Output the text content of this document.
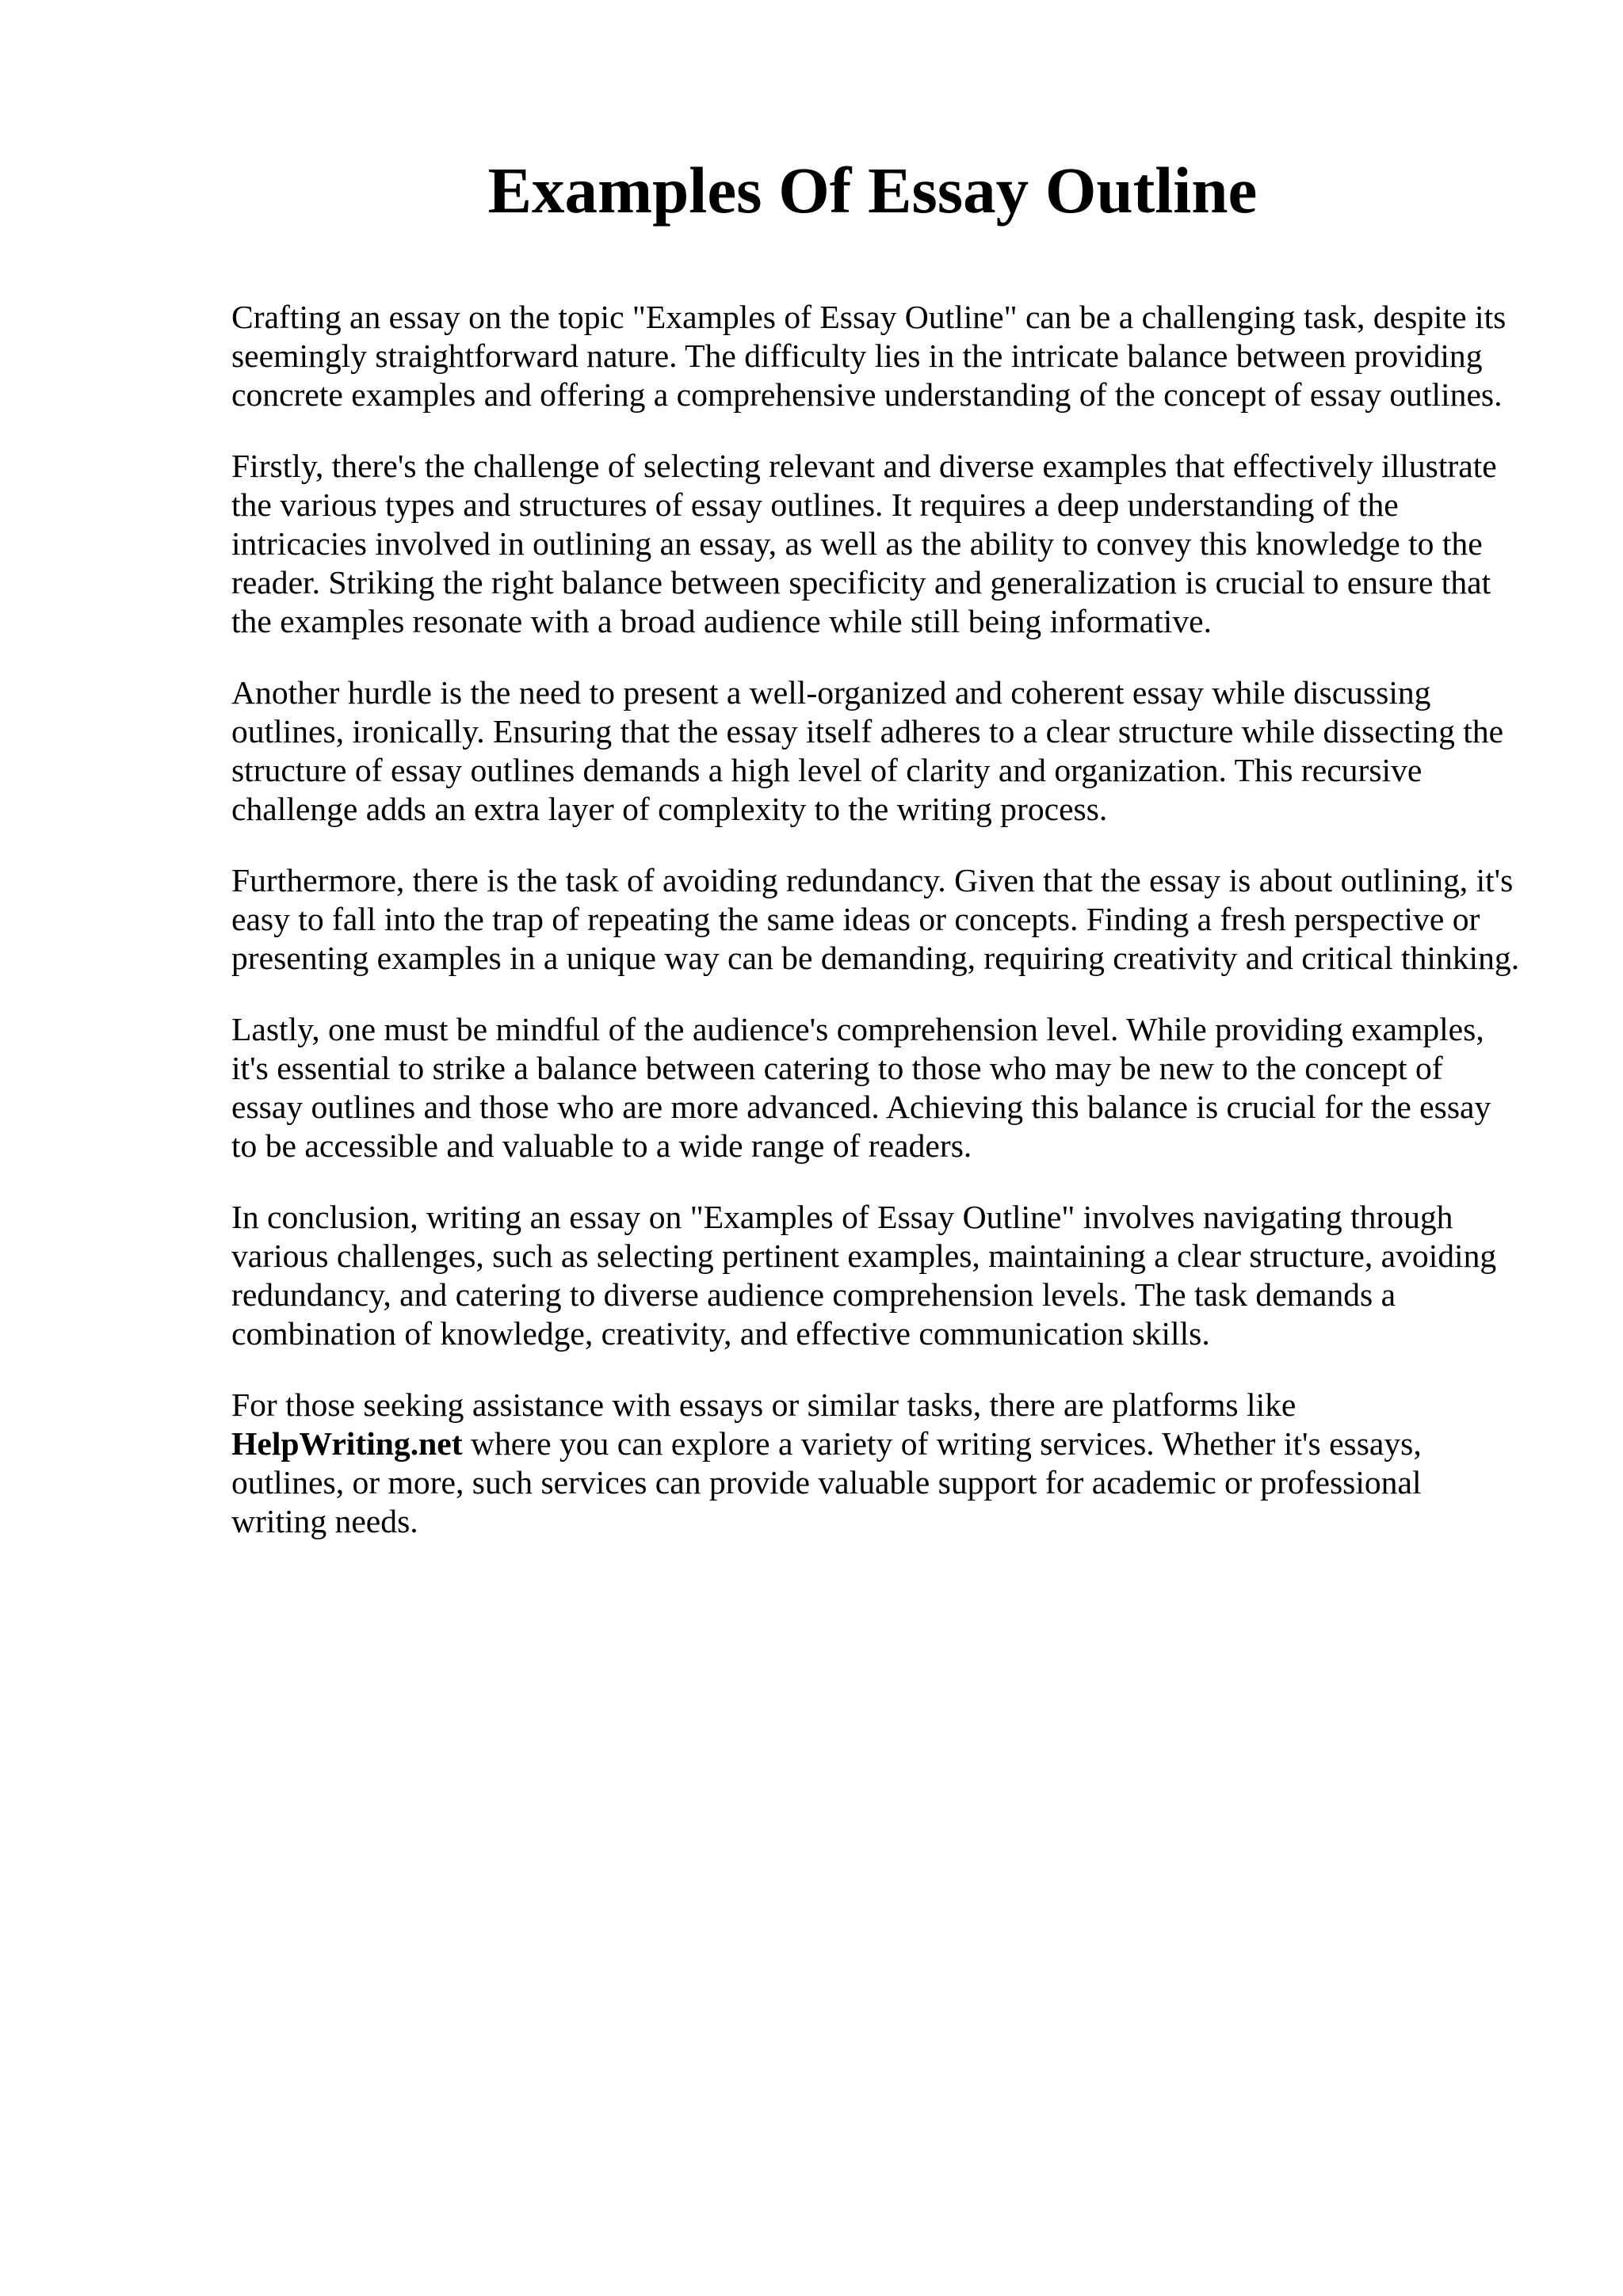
Examples Of Essay Outline

Crafting an essay on the topic "Examples of Essay Outline" can be a challenging task, despite its
seemingly straightforward nature. The difficulty lies in the intricate balance between providing
concrete examples and offering a comprehensive understanding of the concept of essay outlines.

Firstly, there's the challenge of selecting relevant and diverse examples that effectively illustrate
the various types and structures of essay outlines. It requires a deep understanding of the
intricacies involved in outlining an essay, as well as the ability to convey this knowledge to the
reader. Striking the right balance between specificity and generalization is crucial to ensure that
the examples resonate with a broad audience while still being informative.

Another hurdle is the need to present a well-organized and coherent essay while discussing
outlines, ironically. Ensuring that the essay itself adheres to a clear structure while dissecting the
structure of essay outlines demands a high level of clarity and organization. This recursive
challenge adds an extra layer of complexity to the writing process.

Furthermore, there is the task of avoiding redundancy. Given that the essay is about outlining, it's
easy to fall into the trap of repeating the same ideas or concepts. Finding a fresh perspective or
presenting examples in a unique way can be demanding, requiring creativity and critical thinking.

Lastly, one must be mindful of the audience's comprehension level. While providing examples,
it's essential to strike a balance between catering to those who may be new to the concept of
essay outlines and those who are more advanced. Achieving this balance is crucial for the essay
to be accessible and valuable to a wide range of readers.

In conclusion, writing an essay on "Examples of Essay Outline" involves navigating through
various challenges, such as selecting pertinent examples, maintaining a clear structure, avoiding
redundancy, and catering to diverse audience comprehension levels. The task demands a
combination of knowledge, creativity, and effective communication skills.

For those seeking assistance with essays or similar tasks, there are platforms like
HelpWriting.net where you can explore a variety of writing services. Whether it's essays,
outlines, or more, such services can provide valuable support for academic or professional
writing needs.
